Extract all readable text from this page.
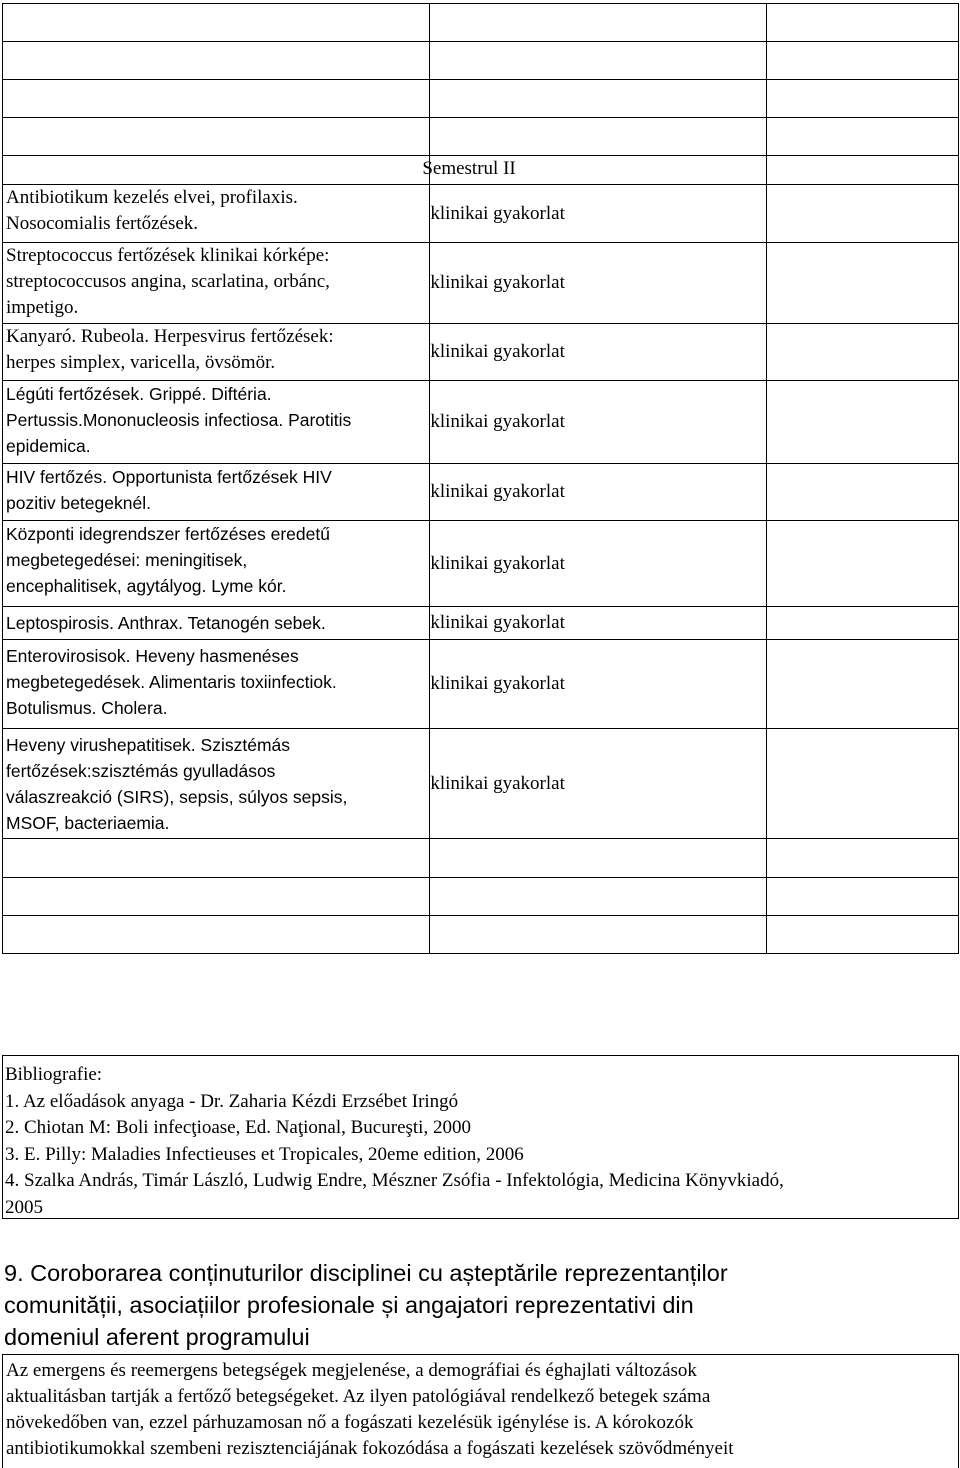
	Semestrul II	

Antibiotikum kezelés elvei, profilaxis.
Nosocomialis fertőzések.	klinikai gyakorlat	

Streptococcus fertőzések klinikai kórképe:
streptococcusos angina, scarlatina, orbánc,
impetigo.	klinikai gyakorlat	

Kanyaró. Rubeola. Herpesvirus fertőzések:
herpes simplex, varicella, övsömör.	klinikai gyakorlat	

Légúti fertőzések. Grippé. Diftéria.
Pertussis.Mononucleosis infectiosa. Parotitis
epidemica.	klinikai gyakorlat	

HIV fertőzés. Opportunista fertőzések HIV
pozitiv betegeknél.	klinikai gyakorlat	

Központi idegrendszer fertőzéses eredetű
megbetegedései: meningitisek,
encephalitisek, agytályog. Lyme kór.	klinikai gyakorlat	

Leptospirosis. Anthrax. Tetanogén sebek.	klinikai gyakorlat	

Enterovirosisok. Heveny hasmenéses
megbetegedések. Alimentaris toxiinfectiok.
Botulismus. Cholera.	klinikai gyakorlat	

Heveny virushepatitisek. Szisztémás
fertőzések:szisztémás gyulladásos
válaszreakció (SIRS), sepsis, súlyos sepsis,
MSOF, bacteriaemia.	klinikai gyakorlat	

Bibliografie:
1. Az előadások anyaga - Dr. Zaharia Kézdi Erzsébet Iringó
2. Chiotan M: Boli infecţioase, Ed. Naţional, Bucureşti, 2000
3. E. Pilly: Maladies Infectieuses et Tropicales, 20eme edition, 2006
4. Szalka András, Timár László, Ludwig Endre, Mészner Zsófia - Infektológia, Medicina Könyvkiadó,
2005
9. Coroborarea conținuturilor disciplinei cu așteptările reprezentanților
comunității, asociațiilor profesionale și angajatori reprezentativi din
domeniul aferent programului
Az emergens és reemergens betegségek megjelenése, a demográfiai és éghajlati változások
aktualitásban tartják a fertőző betegségeket. Az ilyen patológiával rendelkező betegek száma
növekedőben van, ezzel párhuzamosan nő a fogászati kezelésük igénylése is. A kórokozók
antibiotikumokkal szembeni rezisztenciájának fokozódása a fogászati kezelések szövődményeit
